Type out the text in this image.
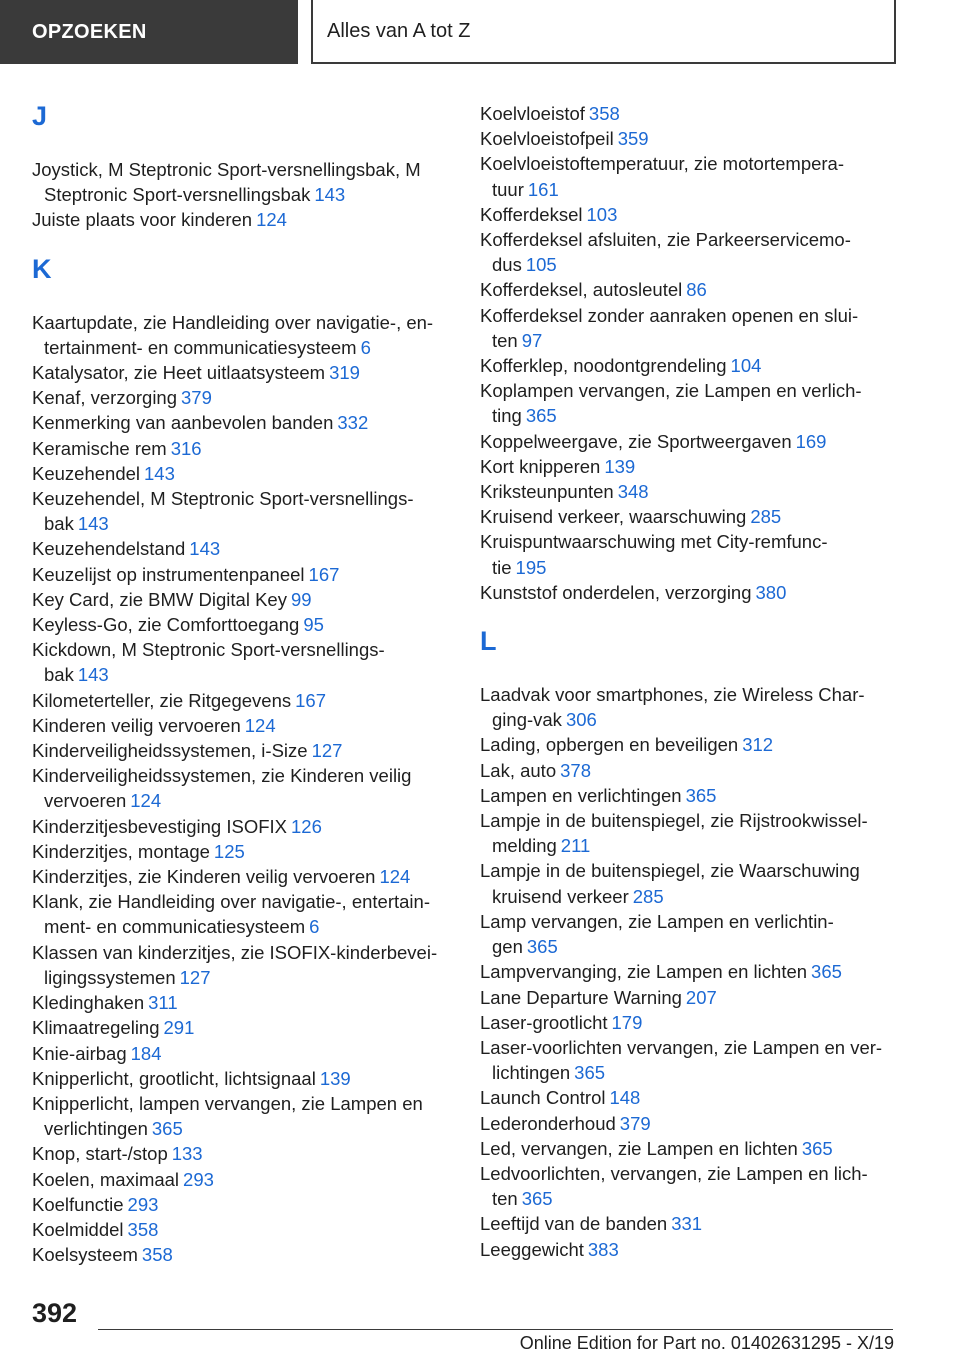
OPZOEKEN	Alles van A tot Z
J
Joystick, M Steptronic Sport-versnellingsbak, M
Steptronic Sport-versnellingsbak 143
Juiste plaats voor kinderen 124
K
Kaartupdate, zie Handleiding over navigatie-, en-
tertainment- en communicatiesysteem 6
Katalysator, zie Heet uitlaatsysteem 319
Kenaf, verzorging 379
Kenmerking van aanbevolen banden 332
Keramische rem 316
Keuzehendel 143
Keuzehendel, M Steptronic Sport-versnellings-
bak 143
Keuzehendelstand 143
Keuzelijst op instrumentenpaneel 167
Key Card, zie BMW Digital Key 99
Keyless-Go, zie Comforttoegang 95
Kickdown, M Steptronic Sport-versnellings-
bak 143
Kilometerteller, zie Ritgegevens 167
Kinderen veilig vervoeren 124
Kinderveiligheidssystemen, i-Size 127
Kinderveiligheidssystemen, zie Kinderen veilig
vervoeren 124
Kinderzitjesbevestiging ISOFIX 126
Kinderzitjes, montage 125
Kinderzitjes, zie Kinderen veilig vervoeren 124
Klank, zie Handleiding over navigatie-, entertain-
ment- en communicatiesysteem 6
Klassen van kinderzitjes, zie ISOFIX-kinderbevei-
ligingssystemen 127
Kledinghaken 311
Klimaatregeling 291
Knie-airbag 184
Knipperlicht, grootlicht, lichtsignaal 139
Knipperlicht, lampen vervangen, zie Lampen en
verlichtingen 365
Knop, start-/stop 133
Koelen, maximaal 293
Koelfunctie 293
Koelmiddel 358
Koelsysteem 358
Koelvloeistof 358
Koelvloeistofpeil 359
Koelvloeistoftemperatuur, zie motortempera-
tuur 161
Kofferdeksel 103
Kofferdeksel afsluiten, zie Parkeerservicemo-
dus 105
Kofferdeksel, autosleutel 86
Kofferdeksel zonder aanraken openen en slui-
ten 97
Kofferklep, noodontgrendeling 104
Koplampen vervangen, zie Lampen en verlich-
ting 365
Koppelweergave, zie Sportweergaven 169
Kort knipperen 139
Kriksteunpunten 348
Kruisend verkeer, waarschuwing 285
Kruispuntwaarschuwing met City-remfunc-
tie 195
Kunststof onderdelen, verzorging 380
L
Laadvak voor smartphones, zie Wireless Char-
ging-vak 306
Lading, opbergen en beveiligen 312
Lak, auto 378
Lampen en verlichtingen 365
Lampje in de buitenspiegel, zie Rijstrookwissel-
melding 211
Lampje in de buitenspiegel, zie Waarschuwing
kruisend verkeer 285
Lamp vervangen, zie Lampen en verlichtin-
gen 365
Lampvervanging, zie Lampen en lichten 365
Lane Departure Warning 207
Laser-grootlicht 179
Laser-voorlichten vervangen, zie Lampen en ver-
lichtingen 365
Launch Control 148
Lederonderhoud 379
Led, vervangen, zie Lampen en lichten 365
Ledvoorlichten, vervangen, zie Lampen en lich-
ten 365
Leeftijd van de banden 331
Leeggewicht 383
392
Online Edition for Part no. 01402631295 - X/19
